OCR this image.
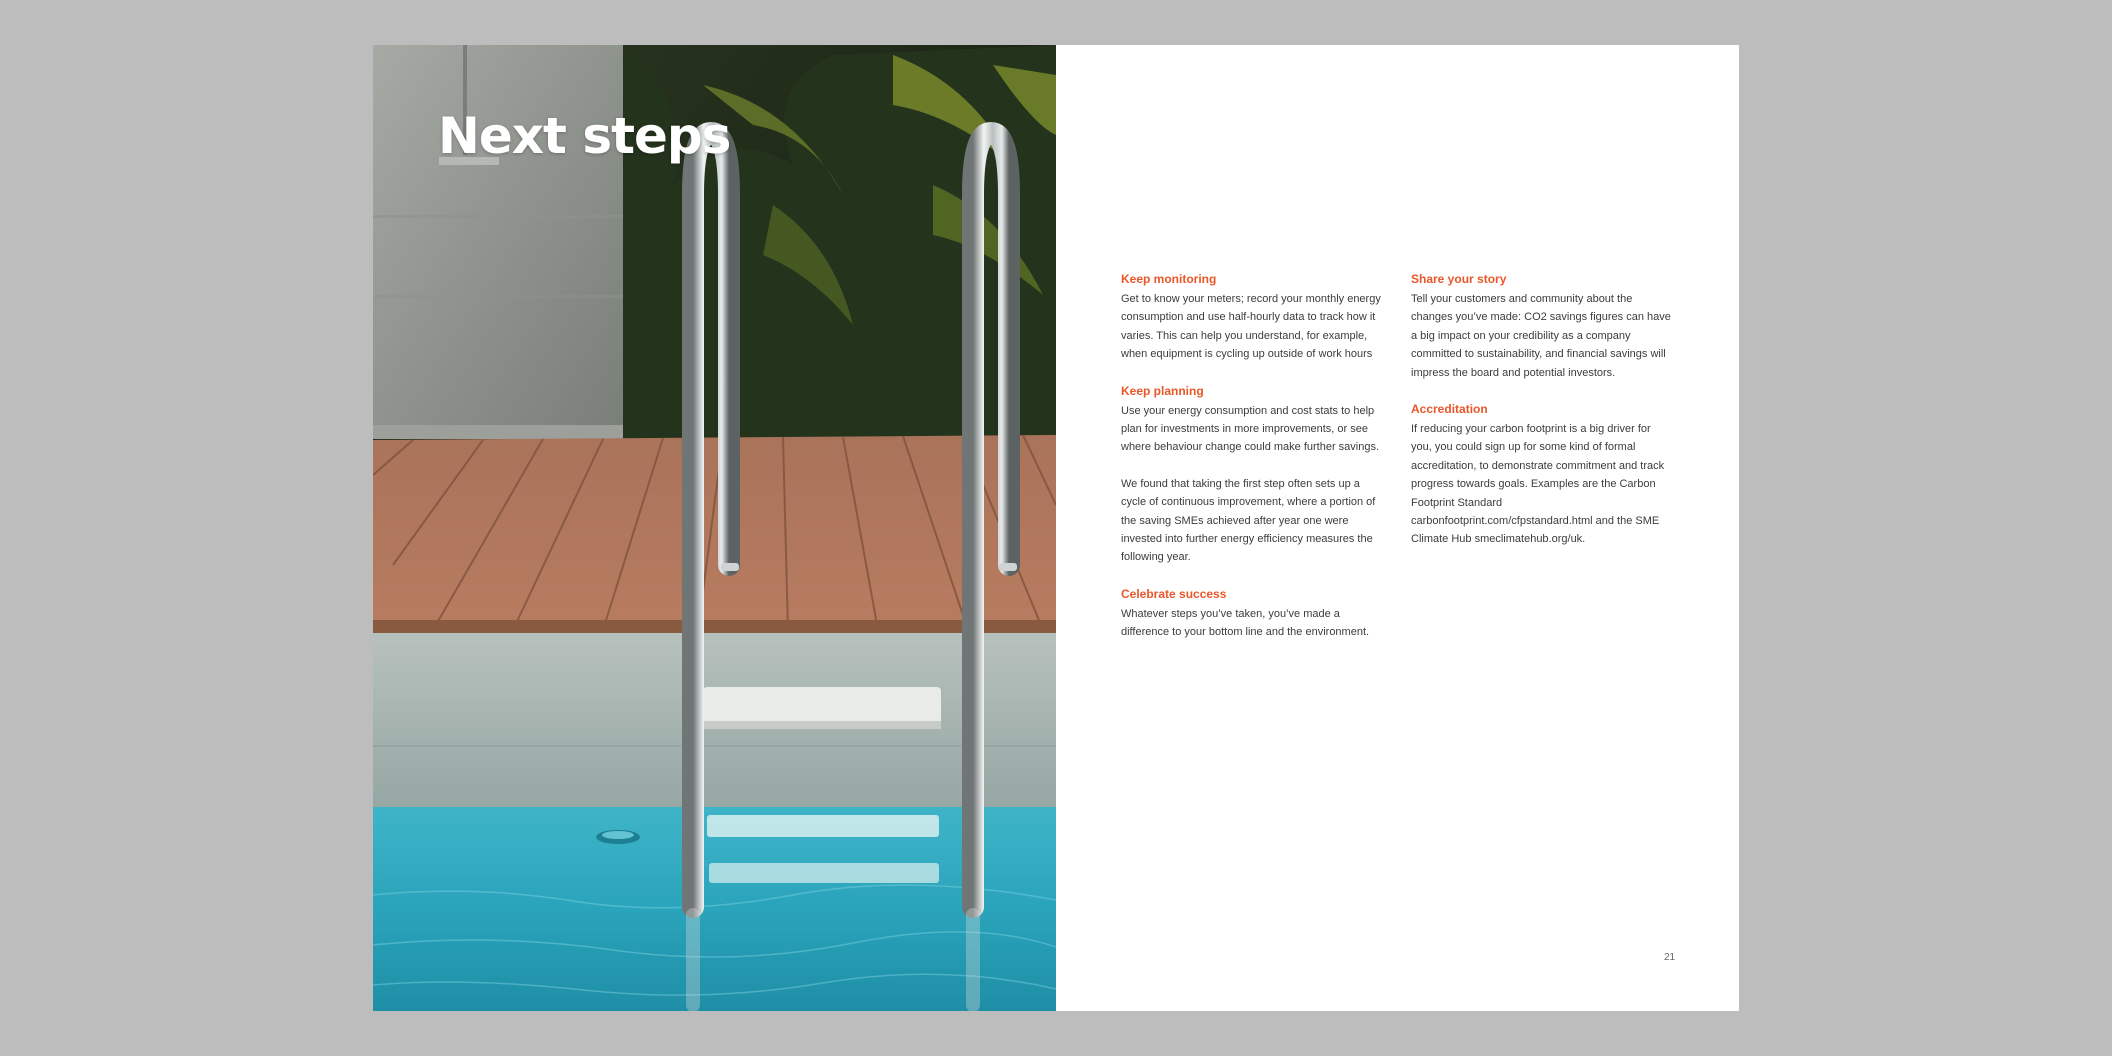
Next steps
Keep monitoring

Get to know your meters; record your monthly energy consumption and use half-hourly data to track how it varies. This can help you understand, for example, when equipment is cycling up outside of work hours

Keep planning

Use your energy consumption and cost stats to help plan for investments in more improvements, or see where behaviour change could make further savings.

We found that taking the first step often sets up a cycle of continuous improvement, where a portion of the saving SMEs achieved after year one were invested into further energy efficiency measures the following year.

Celebrate success

Whatever steps you’ve taken, you’ve made a difference to your bottom line and the environment.

Share your story

Tell your customers and community about the changes you’ve made: CO2 savings figures can have a big impact on your credibility as a company committed to sustainability, and financial savings will impress the board and potential investors.

Accreditation

If reducing your carbon footprint is a big driver for you, you could sign up for some kind of formal accreditation, to demonstrate commitment and track progress towards goals. Examples are the Carbon Footprint Standard carbonfootprint.com/cfpstandard.html and the SME Climate Hub smeclimatehub.org/uk.

21
